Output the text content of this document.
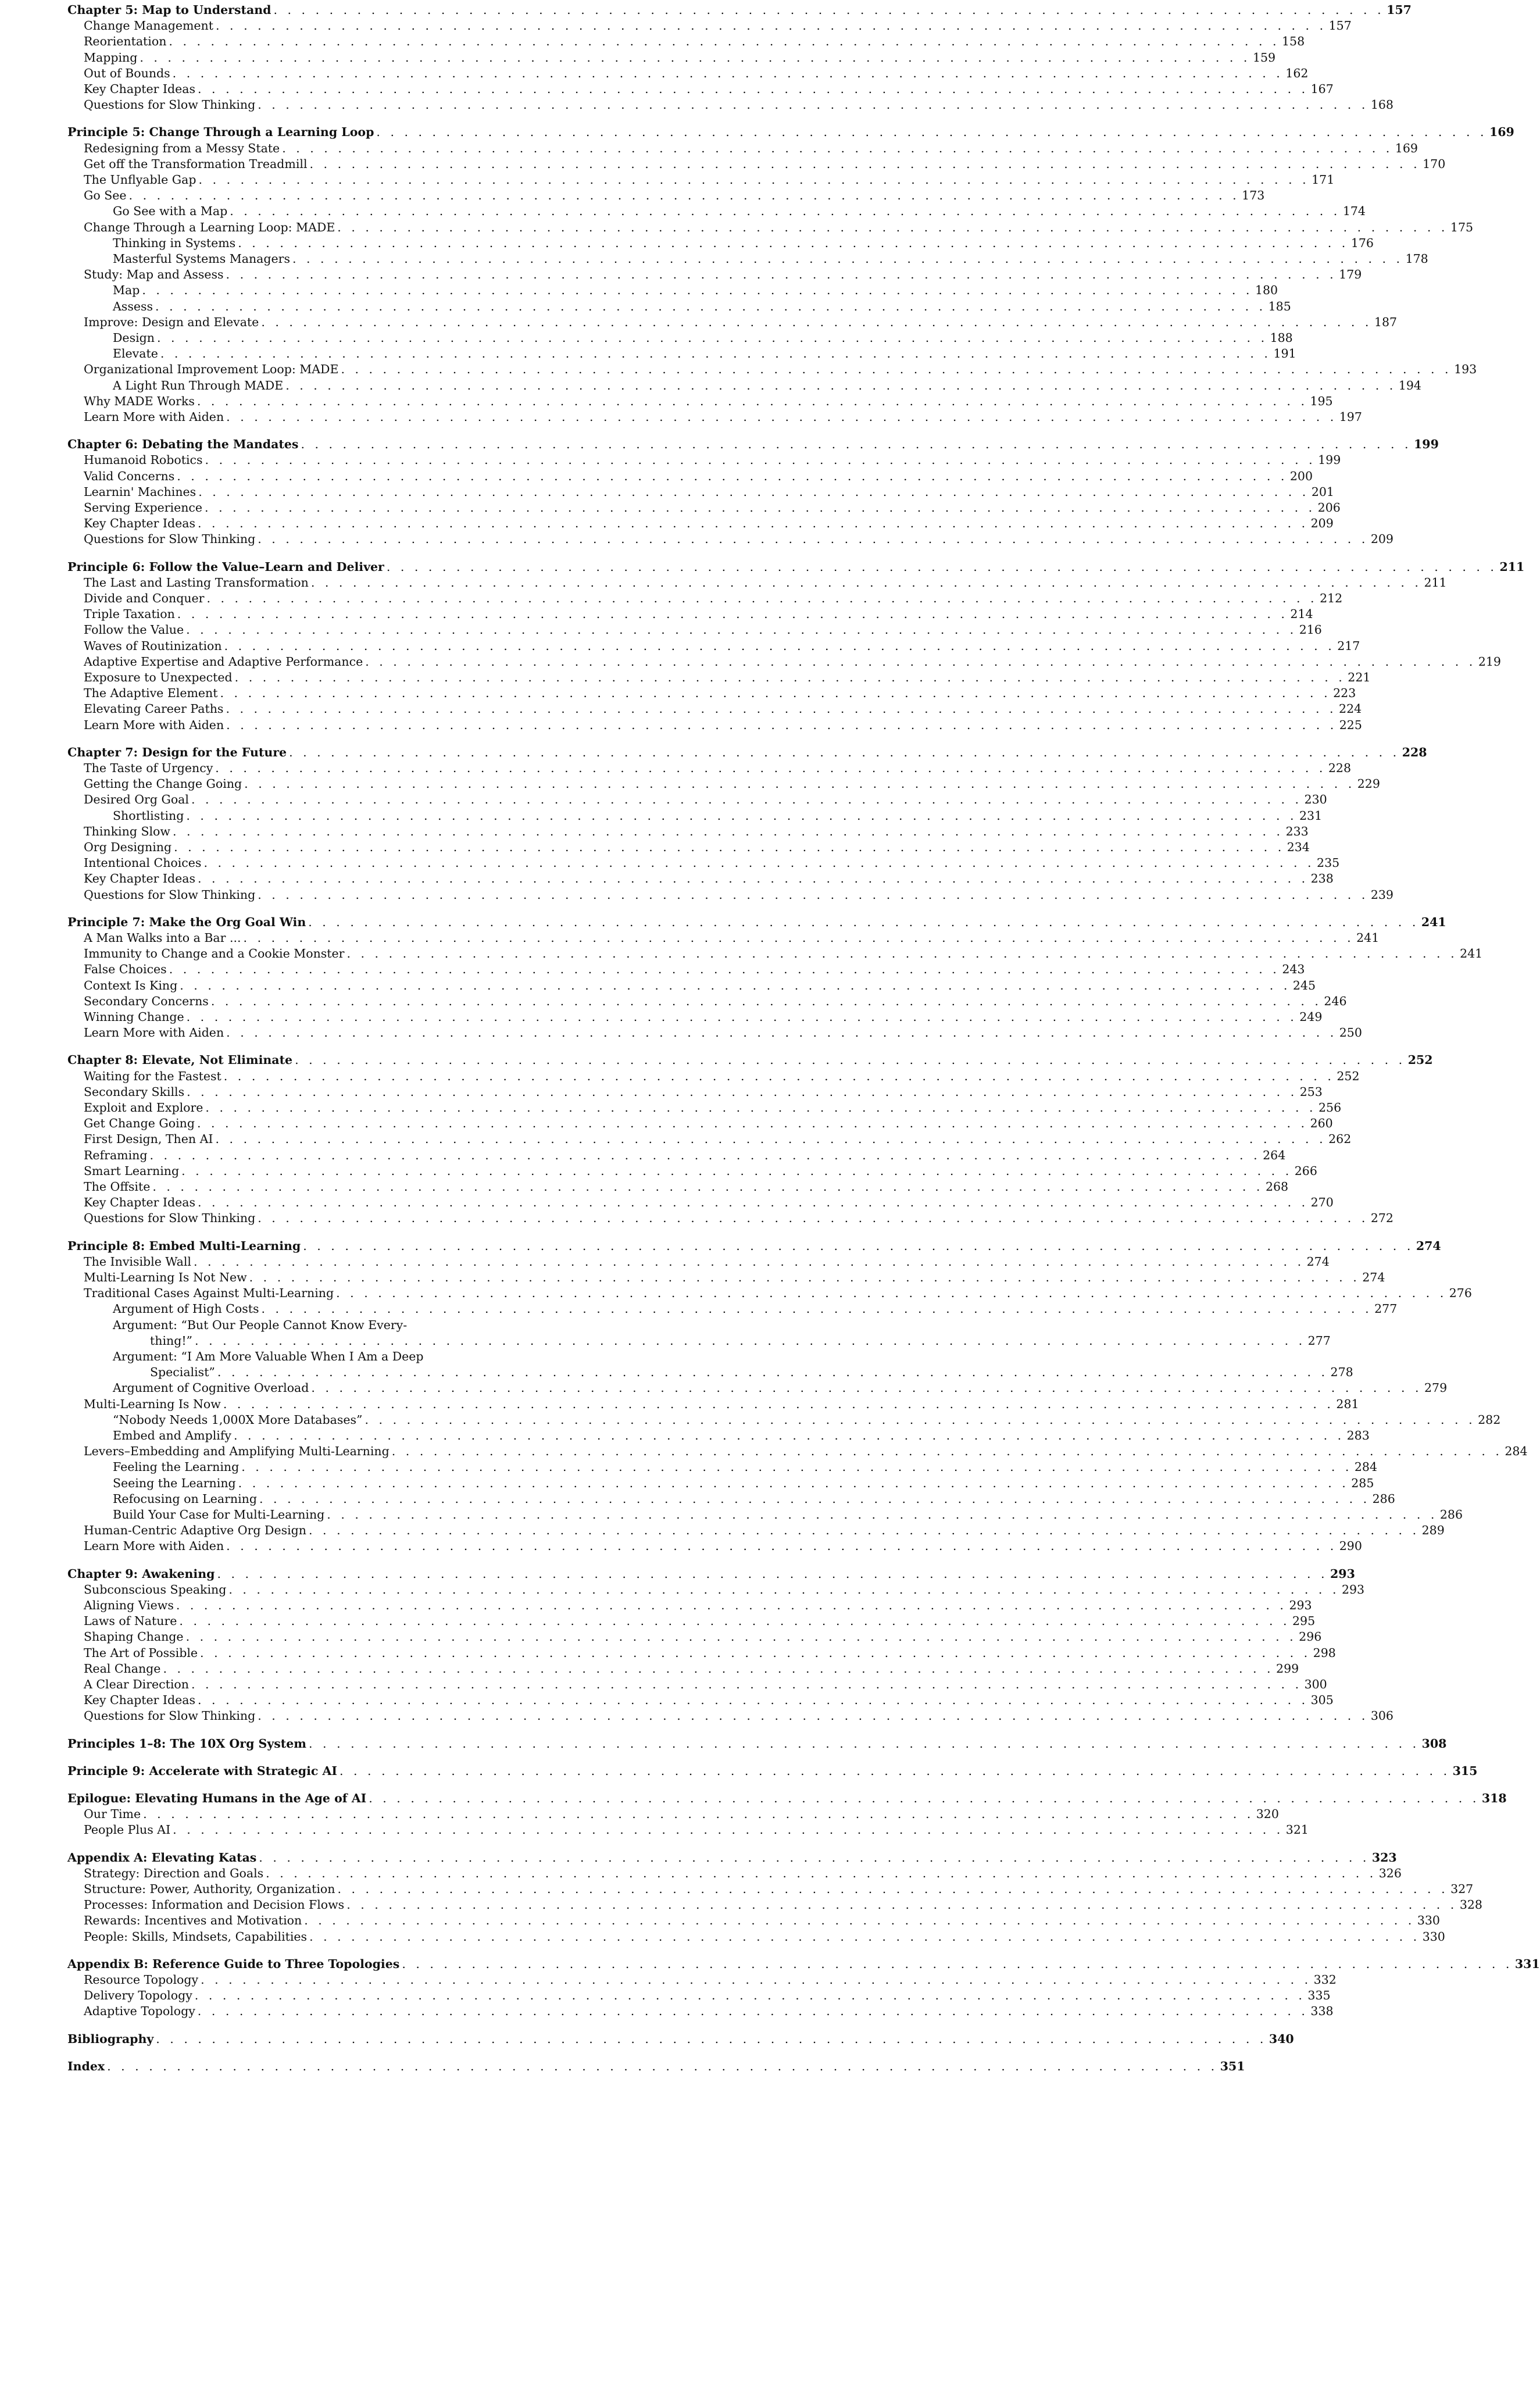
Chapter 5: Map to Understand . . . . . . . . . . . . . . . . . . . . . . . . . . . . . . . . . . . . . . . . . . . . . . . . . . . . . . . . . . . . . . . . . . . . . . . . . . . . . . . . 157
Change Management . . . . . . . . . . . . . . . . . . . . . . . . . . . . . . . . . . . . . . . . . . . . . . . . . . . . . . . . . . . . . . . . . . . . . . . . . . . . . . . . 157
Reorientation . . . . . . . . . . . . . . . . . . . . . . . . . . . . . . . . . . . . . . . . . . . . . . . . . . . . . . . . . . . . . . . . . . . . . . . . . . . . . . . . 158
Mapping . . . . . . . . . . . . . . . . . . . . . . . . . . . . . . . . . . . . . . . . . . . . . . . . . . . . . . . . . . . . . . . . . . . . . . . . . . . . . . . . 159
Out of Bounds . . . . . . . . . . . . . . . . . . . . . . . . . . . . . . . . . . . . . . . . . . . . . . . . . . . . . . . . . . . . . . . . . . . . . . . . . . . . . . . . 162
Key Chapter Ideas . . . . . . . . . . . . . . . . . . . . . . . . . . . . . . . . . . . . . . . . . . . . . . . . . . . . . . . . . . . . . . . . . . . . . . . . . . . . . . . . 167
Questions for Slow Thinking . . . . . . . . . . . . . . . . . . . . . . . . . . . . . . . . . . . . . . . . . . . . . . . . . . . . . . . . . . . . . . . . . . . . . . . . . . . . . . . . 168
Principle 5: Change Through a Learning Loop . . . . . . . . . . . . . . . . . . . . . . . . . . . . . . . . . . . . . . . . . . . . . . . . . . . . . . . . . . . . . . . . . . . . . . . . . . . . . . . . 169
Redesigning from a Messy State . . . . . . . . . . . . . . . . . . . . . . . . . . . . . . . . . . . . . . . . . . . . . . . . . . . . . . . . . . . . . . . . . . . . . . . . . . . . . . . . 169
Get off the Transformation Treadmill . . . . . . . . . . . . . . . . . . . . . . . . . . . . . . . . . . . . . . . . . . . . . . . . . . . . . . . . . . . . . . . . . . . . . . . . . . . . . . . . 170
The Unflyable Gap . . . . . . . . . . . . . . . . . . . . . . . . . . . . . . . . . . . . . . . . . . . . . . . . . . . . . . . . . . . . . . . . . . . . . . . . . . . . . . . . 171
Go See . . . . . . . . . . . . . . . . . . . . . . . . . . . . . . . . . . . . . . . . . . . . . . . . . . . . . . . . . . . . . . . . . . . . . . . . . . . . . . . . 173
Go See with a Map . . . . . . . . . . . . . . . . . . . . . . . . . . . . . . . . . . . . . . . . . . . . . . . . . . . . . . . . . . . . . . . . . . . . . . . . . . . . . . . . 174
Change Through a Learning Loop: MADE . . . . . . . . . . . . . . . . . . . . . . . . . . . . . . . . . . . . . . . . . . . . . . . . . . . . . . . . . . . . . . . . . . . . . . . . . . . . . . . . 175
Thinking in Systems . . . . . . . . . . . . . . . . . . . . . . . . . . . . . . . . . . . . . . . . . . . . . . . . . . . . . . . . . . . . . . . . . . . . . . . . . . . . . . . . 176
Masterful Systems Managers . . . . . . . . . . . . . . . . . . . . . . . . . . . . . . . . . . . . . . . . . . . . . . . . . . . . . . . . . . . . . . . . . . . . . . . . . . . . . . . . 178
Study: Map and Assess . . . . . . . . . . . . . . . . . . . . . . . . . . . . . . . . . . . . . . . . . . . . . . . . . . . . . . . . . . . . . . . . . . . . . . . . . . . . . . . . 179
Map . . . . . . . . . . . . . . . . . . . . . . . . . . . . . . . . . . . . . . . . . . . . . . . . . . . . . . . . . . . . . . . . . . . . . . . . . . . . . . . . 180
Assess . . . . . . . . . . . . . . . . . . . . . . . . . . . . . . . . . . . . . . . . . . . . . . . . . . . . . . . . . . . . . . . . . . . . . . . . . . . . . . . . 185
Improve: Design and Elevate . . . . . . . . . . . . . . . . . . . . . . . . . . . . . . . . . . . . . . . . . . . . . . . . . . . . . . . . . . . . . . . . . . . . . . . . . . . . . . . . 187
Design . . . . . . . . . . . . . . . . . . . . . . . . . . . . . . . . . . . . . . . . . . . . . . . . . . . . . . . . . . . . . . . . . . . . . . . . . . . . . . . . 188
Elevate . . . . . . . . . . . . . . . . . . . . . . . . . . . . . . . . . . . . . . . . . . . . . . . . . . . . . . . . . . . . . . . . . . . . . . . . . . . . . . . . 191
Organizational Improvement Loop: MADE . . . . . . . . . . . . . . . . . . . . . . . . . . . . . . . . . . . . . . . . . . . . . . . . . . . . . . . . . . . . . . . . . . . . . . . . . . . . . . . . 193
A Light Run Through MADE . . . . . . . . . . . . . . . . . . . . . . . . . . . . . . . . . . . . . . . . . . . . . . . . . . . . . . . . . . . . . . . . . . . . . . . . . . . . . . . . 194
Why MADE Works . . . . . . . . . . . . . . . . . . . . . . . . . . . . . . . . . . . . . . . . . . . . . . . . . . . . . . . . . . . . . . . . . . . . . . . . . . . . . . . . 195
Learn More with Aiden . . . . . . . . . . . . . . . . . . . . . . . . . . . . . . . . . . . . . . . . . . . . . . . . . . . . . . . . . . . . . . . . . . . . . . . . . . . . . . . . 197
Chapter 6: Debating the Mandates . . . . . . . . . . . . . . . . . . . . . . . . . . . . . . . . . . . . . . . . . . . . . . . . . . . . . . . . . . . . . . . . . . . . . . . . . . . . . . . . 199
Humanoid Robotics . . . . . . . . . . . . . . . . . . . . . . . . . . . . . . . . . . . . . . . . . . . . . . . . . . . . . . . . . . . . . . . . . . . . . . . . . . . . . . . . 199
Valid Concerns . . . . . . . . . . . . . . . . . . . . . . . . . . . . . . . . . . . . . . . . . . . . . . . . . . . . . . . . . . . . . . . . . . . . . . . . . . . . . . . . 200
Learnin' Machines . . . . . . . . . . . . . . . . . . . . . . . . . . . . . . . . . . . . . . . . . . . . . . . . . . . . . . . . . . . . . . . . . . . . . . . . . . . . . . . . 201
Serving Experience . . . . . . . . . . . . . . . . . . . . . . . . . . . . . . . . . . . . . . . . . . . . . . . . . . . . . . . . . . . . . . . . . . . . . . . . . . . . . . . . 206
Key Chapter Ideas . . . . . . . . . . . . . . . . . . . . . . . . . . . . . . . . . . . . . . . . . . . . . . . . . . . . . . . . . . . . . . . . . . . . . . . . . . . . . . . . 209
Questions for Slow Thinking . . . . . . . . . . . . . . . . . . . . . . . . . . . . . . . . . . . . . . . . . . . . . . . . . . . . . . . . . . . . . . . . . . . . . . . . . . . . . . . . 209
Principle 6: Follow the Value–Learn and Deliver . . . . . . . . . . . . . . . . . . . . . . . . . . . . . . . . . . . . . . . . . . . . . . . . . . . . . . . . . . . . . . . . . . . . . . . . . . . . . . . . 211
The Last and Lasting Transformation . . . . . . . . . . . . . . . . . . . . . . . . . . . . . . . . . . . . . . . . . . . . . . . . . . . . . . . . . . . . . . . . . . . . . . . . . . . . . . . . 211
Divide and Conquer . . . . . . . . . . . . . . . . . . . . . . . . . . . . . . . . . . . . . . . . . . . . . . . . . . . . . . . . . . . . . . . . . . . . . . . . . . . . . . . . 212
Triple Taxation . . . . . . . . . . . . . . . . . . . . . . . . . . . . . . . . . . . . . . . . . . . . . . . . . . . . . . . . . . . . . . . . . . . . . . . . . . . . . . . . 214
Follow the Value . . . . . . . . . . . . . . . . . . . . . . . . . . . . . . . . . . . . . . . . . . . . . . . . . . . . . . . . . . . . . . . . . . . . . . . . . . . . . . . . 216
Waves of Routinization . . . . . . . . . . . . . . . . . . . . . . . . . . . . . . . . . . . . . . . . . . . . . . . . . . . . . . . . . . . . . . . . . . . . . . . . . . . . . . . . 217
Adaptive Expertise and Adaptive Performance . . . . . . . . . . . . . . . . . . . . . . . . . . . . . . . . . . . . . . . . . . . . . . . . . . . . . . . . . . . . . . . . . . . . . . . . . . . . . . . . 219
Exposure to Unexpected . . . . . . . . . . . . . . . . . . . . . . . . . . . . . . . . . . . . . . . . . . . . . . . . . . . . . . . . . . . . . . . . . . . . . . . . . . . . . . . . 221
The Adaptive Element . . . . . . . . . . . . . . . . . . . . . . . . . . . . . . . . . . . . . . . . . . . . . . . . . . . . . . . . . . . . . . . . . . . . . . . . . . . . . . . . 223
Elevating Career Paths . . . . . . . . . . . . . . . . . . . . . . . . . . . . . . . . . . . . . . . . . . . . . . . . . . . . . . . . . . . . . . . . . . . . . . . . . . . . . . . . 224
Learn More with Aiden . . . . . . . . . . . . . . . . . . . . . . . . . . . . . . . . . . . . . . . . . . . . . . . . . . . . . . . . . . . . . . . . . . . . . . . . . . . . . . . . 225
Chapter 7: Design for the Future . . . . . . . . . . . . . . . . . . . . . . . . . . . . . . . . . . . . . . . . . . . . . . . . . . . . . . . . . . . . . . . . . . . . . . . . . . . . . . . . 228
The Taste of Urgency . . . . . . . . . . . . . . . . . . . . . . . . . . . . . . . . . . . . . . . . . . . . . . . . . . . . . . . . . . . . . . . . . . . . . . . . . . . . . . . . 228
Getting the Change Going . . . . . . . . . . . . . . . . . . . . . . . . . . . . . . . . . . . . . . . . . . . . . . . . . . . . . . . . . . . . . . . . . . . . . . . . . . . . . . . . 229
Desired Org Goal . . . . . . . . . . . . . . . . . . . . . . . . . . . . . . . . . . . . . . . . . . . . . . . . . . . . . . . . . . . . . . . . . . . . . . . . . . . . . . . . 230
Shortlisting . . . . . . . . . . . . . . . . . . . . . . . . . . . . . . . . . . . . . . . . . . . . . . . . . . . . . . . . . . . . . . . . . . . . . . . . . . . . . . . . 231
Thinking Slow . . . . . . . . . . . . . . . . . . . . . . . . . . . . . . . . . . . . . . . . . . . . . . . . . . . . . . . . . . . . . . . . . . . . . . . . . . . . . . . . 233
Org Designing . . . . . . . . . . . . . . . . . . . . . . . . . . . . . . . . . . . . . . . . . . . . . . . . . . . . . . . . . . . . . . . . . . . . . . . . . . . . . . . . 234
Intentional Choices . . . . . . . . . . . . . . . . . . . . . . . . . . . . . . . . . . . . . . . . . . . . . . . . . . . . . . . . . . . . . . . . . . . . . . . . . . . . . . . . 235
Key Chapter Ideas . . . . . . . . . . . . . . . . . . . . . . . . . . . . . . . . . . . . . . . . . . . . . . . . . . . . . . . . . . . . . . . . . . . . . . . . . . . . . . . . 238
Questions for Slow Thinking . . . . . . . . . . . . . . . . . . . . . . . . . . . . . . . . . . . . . . . . . . . . . . . . . . . . . . . . . . . . . . . . . . . . . . . . . . . . . . . . 239
Principle 7: Make the Org Goal Win . . . . . . . . . . . . . . . . . . . . . . . . . . . . . . . . . . . . . . . . . . . . . . . . . . . . . . . . . . . . . . . . . . . . . . . . . . . . . . . . 241
A Man Walks into a Bar ... . . . . . . . . . . . . . . . . . . . . . . . . . . . . . . . . . . . . . . . . . . . . . . . . . . . . . . . . . . . . . . . . . . . . . . . . . . . . . . . . 241
Immunity to Change and a Cookie Monster . . . . . . . . . . . . . . . . . . . . . . . . . . . . . . . . . . . . . . . . . . . . . . . . . . . . . . . . . . . . . . . . . . . . . . . . . . . . . . . . 241
False Choices . . . . . . . . . . . . . . . . . . . . . . . . . . . . . . . . . . . . . . . . . . . . . . . . . . . . . . . . . . . . . . . . . . . . . . . . . . . . . . . . 243
Context Is King . . . . . . . . . . . . . . . . . . . . . . . . . . . . . . . . . . . . . . . . . . . . . . . . . . . . . . . . . . . . . . . . . . . . . . . . . . . . . . . . 245
Secondary Concerns . . . . . . . . . . . . . . . . . . . . . . . . . . . . . . . . . . . . . . . . . . . . . . . . . . . . . . . . . . . . . . . . . . . . . . . . . . . . . . . . 246
Winning Change . . . . . . . . . . . . . . . . . . . . . . . . . . . . . . . . . . . . . . . . . . . . . . . . . . . . . . . . . . . . . . . . . . . . . . . . . . . . . . . . 249
Learn More with Aiden . . . . . . . . . . . . . . . . . . . . . . . . . . . . . . . . . . . . . . . . . . . . . . . . . . . . . . . . . . . . . . . . . . . . . . . . . . . . . . . . 250
Chapter 8: Elevate, Not Eliminate . . . . . . . . . . . . . . . . . . . . . . . . . . . . . . . . . . . . . . . . . . . . . . . . . . . . . . . . . . . . . . . . . . . . . . . . . . . . . . . . 252
Waiting for the Fastest . . . . . . . . . . . . . . . . . . . . . . . . . . . . . . . . . . . . . . . . . . . . . . . . . . . . . . . . . . . . . . . . . . . . . . . . . . . . . . . . 252
Secondary Skills . . . . . . . . . . . . . . . . . . . . . . . . . . . . . . . . . . . . . . . . . . . . . . . . . . . . . . . . . . . . . . . . . . . . . . . . . . . . . . . . 253
Exploit and Explore . . . . . . . . . . . . . . . . . . . . . . . . . . . . . . . . . . . . . . . . . . . . . . . . . . . . . . . . . . . . . . . . . . . . . . . . . . . . . . . . 256
Get Change Going . . . . . . . . . . . . . . . . . . . . . . . . . . . . . . . . . . . . . . . . . . . . . . . . . . . . . . . . . . . . . . . . . . . . . . . . . . . . . . . . 260
First Design, Then AI . . . . . . . . . . . . . . . . . . . . . . . . . . . . . . . . . . . . . . . . . . . . . . . . . . . . . . . . . . . . . . . . . . . . . . . . . . . . . . . . 262
Reframing . . . . . . . . . . . . . . . . . . . . . . . . . . . . . . . . . . . . . . . . . . . . . . . . . . . . . . . . . . . . . . . . . . . . . . . . . . . . . . . . 264
Smart Learning . . . . . . . . . . . . . . . . . . . . . . . . . . . . . . . . . . . . . . . . . . . . . . . . . . . . . . . . . . . . . . . . . . . . . . . . . . . . . . . . 266
The Offsite . . . . . . . . . . . . . . . . . . . . . . . . . . . . . . . . . . . . . . . . . . . . . . . . . . . . . . . . . . . . . . . . . . . . . . . . . . . . . . . . 268
Key Chapter Ideas . . . . . . . . . . . . . . . . . . . . . . . . . . . . . . . . . . . . . . . . . . . . . . . . . . . . . . . . . . . . . . . . . . . . . . . . . . . . . . . . 270
Questions for Slow Thinking . . . . . . . . . . . . . . . . . . . . . . . . . . . . . . . . . . . . . . . . . . . . . . . . . . . . . . . . . . . . . . . . . . . . . . . . . . . . . . . . 272
Principle 8: Embed Multi-Learning . . . . . . . . . . . . . . . . . . . . . . . . . . . . . . . . . . . . . . . . . . . . . . . . . . . . . . . . . . . . . . . . . . . . . . . . . . . . . . . . 274
The Invisible Wall . . . . . . . . . . . . . . . . . . . . . . . . . . . . . . . . . . . . . . . . . . . . . . . . . . . . . . . . . . . . . . . . . . . . . . . . . . . . . . . . 274
Multi-Learning Is Not New . . . . . . . . . . . . . . . . . . . . . . . . . . . . . . . . . . . . . . . . . . . . . . . . . . . . . . . . . . . . . . . . . . . . . . . . . . . . . . . . 274
Traditional Cases Against Multi-Learning . . . . . . . . . . . . . . . . . . . . . . . . . . . . . . . . . . . . . . . . . . . . . . . . . . . . . . . . . . . . . . . . . . . . . . . . . . . . . . . . 276
Argument of High Costs . . . . . . . . . . . . . . . . . . . . . . . . . . . . . . . . . . . . . . . . . . . . . . . . . . . . . . . . . . . . . . . . . . . . . . . . . . . . . . . . 277
Argument: “But Our People Cannot Know Every-
thing!” . . . . . . . . . . . . . . . . . . . . . . . . . . . . . . . . . . . . . . . . . . . . . . . . . . . . . . . . . . . . . . . . . . . . . . . . . . . . . . . . 277
Argument: “I Am More Valuable When I Am a Deep
Specialist” . . . . . . . . . . . . . . . . . . . . . . . . . . . . . . . . . . . . . . . . . . . . . . . . . . . . . . . . . . . . . . . . . . . . . . . . . . . . . . . . 278
Argument of Cognitive Overload . . . . . . . . . . . . . . . . . . . . . . . . . . . . . . . . . . . . . . . . . . . . . . . . . . . . . . . . . . . . . . . . . . . . . . . . . . . . . . . . 279
Multi-Learning Is Now . . . . . . . . . . . . . . . . . . . . . . . . . . . . . . . . . . . . . . . . . . . . . . . . . . . . . . . . . . . . . . . . . . . . . . . . . . . . . . . . 281
“Nobody Needs 1,000X More Databases” . . . . . . . . . . . . . . . . . . . . . . . . . . . . . . . . . . . . . . . . . . . . . . . . . . . . . . . . . . . . . . . . . . . . . . . . . . . . . . . . 282
Embed and Amplify . . . . . . . . . . . . . . . . . . . . . . . . . . . . . . . . . . . . . . . . . . . . . . . . . . . . . . . . . . . . . . . . . . . . . . . . . . . . . . . . 283
Levers–Embedding and Amplifying Multi-Learning . . . . . . . . . . . . . . . . . . . . . . . . . . . . . . . . . . . . . . . . . . . . . . . . . . . . . . . . . . . . . . . . . . . . . . . . . . . . . . . . 284
Feeling the Learning . . . . . . . . . . . . . . . . . . . . . . . . . . . . . . . . . . . . . . . . . . . . . . . . . . . . . . . . . . . . . . . . . . . . . . . . . . . . . . . . 284
Seeing the Learning . . . . . . . . . . . . . . . . . . . . . . . . . . . . . . . . . . . . . . . . . . . . . . . . . . . . . . . . . . . . . . . . . . . . . . . . . . . . . . . . 285
Refocusing on Learning . . . . . . . . . . . . . . . . . . . . . . . . . . . . . . . . . . . . . . . . . . . . . . . . . . . . . . . . . . . . . . . . . . . . . . . . . . . . . . . . 286
Build Your Case for Multi-Learning . . . . . . . . . . . . . . . . . . . . . . . . . . . . . . . . . . . . . . . . . . . . . . . . . . . . . . . . . . . . . . . . . . . . . . . . . . . . . . . . 286
Human-Centric Adaptive Org Design . . . . . . . . . . . . . . . . . . . . . . . . . . . . . . . . . . . . . . . . . . . . . . . . . . . . . . . . . . . . . . . . . . . . . . . . . . . . . . . . 289
Learn More with Aiden . . . . . . . . . . . . . . . . . . . . . . . . . . . . . . . . . . . . . . . . . . . . . . . . . . . . . . . . . . . . . . . . . . . . . . . . . . . . . . . . 290
Chapter 9: Awakening . . . . . . . . . . . . . . . . . . . . . . . . . . . . . . . . . . . . . . . . . . . . . . . . . . . . . . . . . . . . . . . . . . . . . . . . . . . . . . . . 293
Subconscious Speaking . . . . . . . . . . . . . . . . . . . . . . . . . . . . . . . . . . . . . . . . . . . . . . . . . . . . . . . . . . . . . . . . . . . . . . . . . . . . . . . . 293
Aligning Views . . . . . . . . . . . . . . . . . . . . . . . . . . . . . . . . . . . . . . . . . . . . . . . . . . . . . . . . . . . . . . . . . . . . . . . . . . . . . . . . 293
Laws of Nature . . . . . . . . . . . . . . . . . . . . . . . . . . . . . . . . . . . . . . . . . . . . . . . . . . . . . . . . . . . . . . . . . . . . . . . . . . . . . . . . 295
Shaping Change . . . . . . . . . . . . . . . . . . . . . . . . . . . . . . . . . . . . . . . . . . . . . . . . . . . . . . . . . . . . . . . . . . . . . . . . . . . . . . . . 296
The Art of Possible . . . . . . . . . . . . . . . . . . . . . . . . . . . . . . . . . . . . . . . . . . . . . . . . . . . . . . . . . . . . . . . . . . . . . . . . . . . . . . . . 298
Real Change . . . . . . . . . . . . . . . . . . . . . . . . . . . . . . . . . . . . . . . . . . . . . . . . . . . . . . . . . . . . . . . . . . . . . . . . . . . . . . . . 299
A Clear Direction . . . . . . . . . . . . . . . . . . . . . . . . . . . . . . . . . . . . . . . . . . . . . . . . . . . . . . . . . . . . . . . . . . . . . . . . . . . . . . . . 300
Key Chapter Ideas . . . . . . . . . . . . . . . . . . . . . . . . . . . . . . . . . . . . . . . . . . . . . . . . . . . . . . . . . . . . . . . . . . . . . . . . . . . . . . . . 305
Questions for Slow Thinking . . . . . . . . . . . . . . . . . . . . . . . . . . . . . . . . . . . . . . . . . . . . . . . . . . . . . . . . . . . . . . . . . . . . . . . . . . . . . . . . 306
Principles 1–8: The 10X Org System . . . . . . . . . . . . . . . . . . . . . . . . . . . . . . . . . . . . . . . . . . . . . . . . . . . . . . . . . . . . . . . . . . . . . . . . . . . . . . . . 308
Principle 9: Accelerate with Strategic AI . . . . . . . . . . . . . . . . . . . . . . . . . . . . . . . . . . . . . . . . . . . . . . . . . . . . . . . . . . . . . . . . . . . . . . . . . . . . . . . . 315
Epilogue: Elevating Humans in the Age of AI . . . . . . . . . . . . . . . . . . . . . . . . . . . . . . . . . . . . . . . . . . . . . . . . . . . . . . . . . . . . . . . . . . . . . . . . . . . . . . . . 318
Our Time . . . . . . . . . . . . . . . . . . . . . . . . . . . . . . . . . . . . . . . . . . . . . . . . . . . . . . . . . . . . . . . . . . . . . . . . . . . . . . . . 320
People Plus AI . . . . . . . . . . . . . . . . . . . . . . . . . . . . . . . . . . . . . . . . . . . . . . . . . . . . . . . . . . . . . . . . . . . . . . . . . . . . . . . . 321
Appendix A: Elevating Katas . . . . . . . . . . . . . . . . . . . . . . . . . . . . . . . . . . . . . . . . . . . . . . . . . . . . . . . . . . . . . . . . . . . . . . . . . . . . . . . . 323
Strategy: Direction and Goals . . . . . . . . . . . . . . . . . . . . . . . . . . . . . . . . . . . . . . . . . . . . . . . . . . . . . . . . . . . . . . . . . . . . . . . . . . . . . . . . 326
Structure: Power, Authority, Organization . . . . . . . . . . . . . . . . . . . . . . . . . . . . . . . . . . . . . . . . . . . . . . . . . . . . . . . . . . . . . . . . . . . . . . . . . . . . . . . . 327
Processes: Information and Decision Flows . . . . . . . . . . . . . . . . . . . . . . . . . . . . . . . . . . . . . . . . . . . . . . . . . . . . . . . . . . . . . . . . . . . . . . . . . . . . . . . . 328
Rewards: Incentives and Motivation . . . . . . . . . . . . . . . . . . . . . . . . . . . . . . . . . . . . . . . . . . . . . . . . . . . . . . . . . . . . . . . . . . . . . . . . . . . . . . . . 330
People: Skills, Mindsets, Capabilities . . . . . . . . . . . . . . . . . . . . . . . . . . . . . . . . . . . . . . . . . . . . . . . . . . . . . . . . . . . . . . . . . . . . . . . . . . . . . . . . 330
Appendix B: Reference Guide to Three Topologies . . . . . . . . . . . . . . . . . . . . . . . . . . . . . . . . . . . . . . . . . . . . . . . . . . . . . . . . . . . . . . . . . . . . . . . . . . . . . . . . 331
Resource Topology . . . . . . . . . . . . . . . . . . . . . . . . . . . . . . . . . . . . . . . . . . . . . . . . . . . . . . . . . . . . . . . . . . . . . . . . . . . . . . . . 332
Delivery Topology . . . . . . . . . . . . . . . . . . . . . . . . . . . . . . . . . . . . . . . . . . . . . . . . . . . . . . . . . . . . . . . . . . . . . . . . . . . . . . . . 335
Adaptive Topology . . . . . . . . . . . . . . . . . . . . . . . . . . . . . . . . . . . . . . . . . . . . . . . . . . . . . . . . . . . . . . . . . . . . . . . . . . . . . . . . 338
Bibliography . . . . . . . . . . . . . . . . . . . . . . . . . . . . . . . . . . . . . . . . . . . . . . . . . . . . . . . . . . . . . . . . . . . . . . . . . . . . . . . . 340
Index . . . . . . . . . . . . . . . . . . . . . . . . . . . . . . . . . . . . . . . . . . . . . . . . . . . . . . . . . . . . . . . . . . . . . . . . . . . . . . . . 351
